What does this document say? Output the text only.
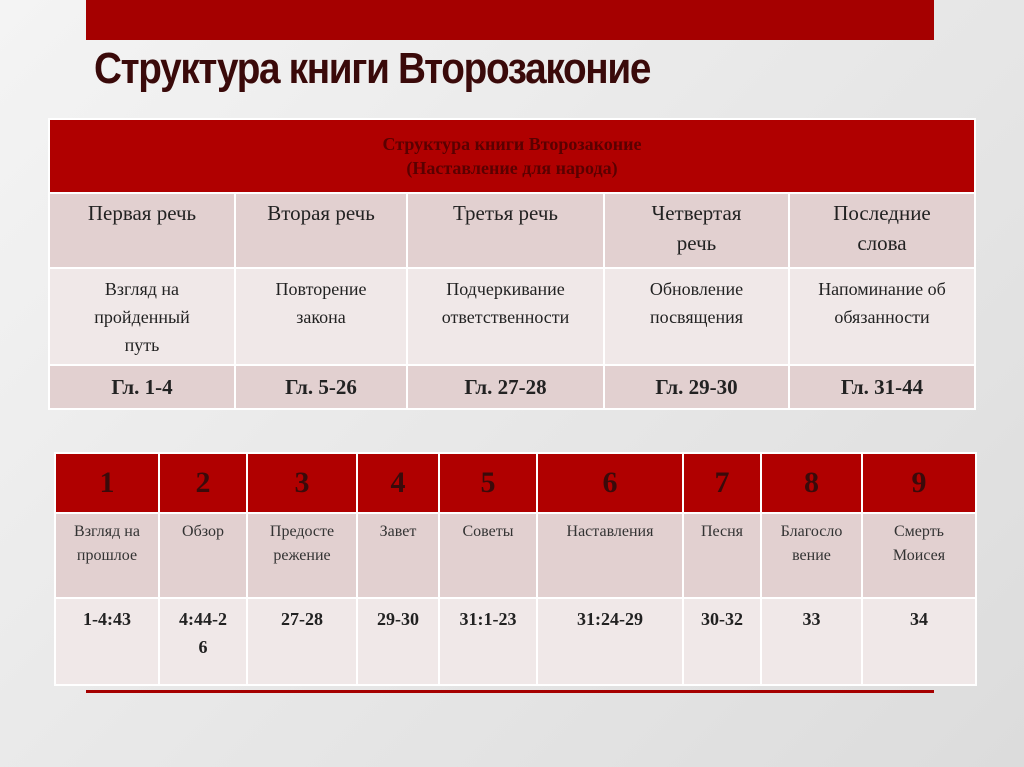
Структура книги Второзаконие
Структура книги Второзаконие
(Наставление для народа)				

Первая речь	Вторая речь	Третья речь	Четвертая речь	Последние слова

Взгляд на пройденный путь	Повторение закона	Подчеркивание ответственности	Обновление посвящения	Напоминание об обязанности
Гл. 1-4	Гл. 5-26	Гл. 27-28	Гл. 29-30	Гл. 31-44
1	2	3	4	5	6	7	8	9

Взгляд на прошлое	Обзор	Предосте режение	Завет	Советы	Наставления	Песня	Благосло вение	Смерть Моисея

1-4:43	4:44-26	27-28	29-30	31:1-23	31:24-29	30-32	33	34
